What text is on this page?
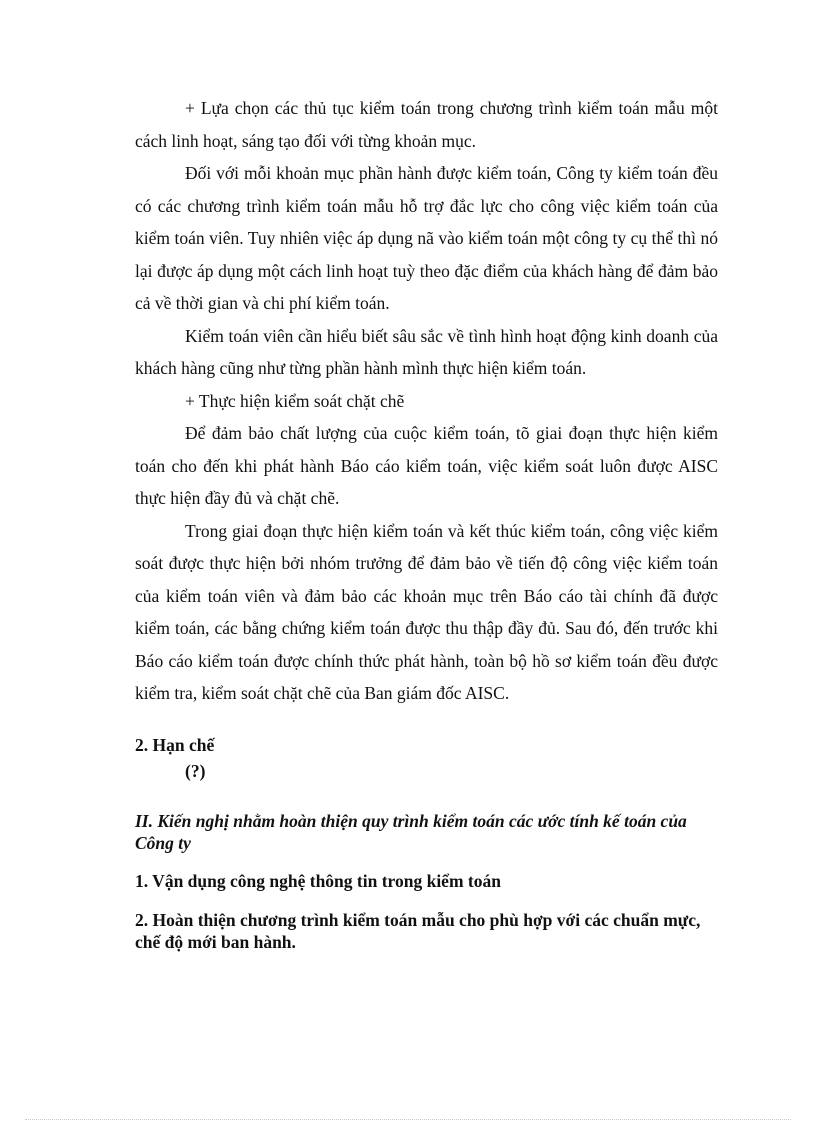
+ Lựa chọn các thủ tục kiểm toán trong chương trình kiểm toán mẫu một cách linh hoạt, sáng tạo đối với từng khoản mục.

Đối với mỗi khoản mục phần hành được kiểm toán, Công ty kiểm toán đều có các chương trình kiểm toán mẫu hỗ trợ đắc lực cho công việc kiểm toán của kiểm toán viên. Tuy nhiên việc áp dụng nã vào kiểm toán một công ty cụ thể thì nó lại được áp dụng một cách linh hoạt tuỳ theo đặc điểm của khách hàng để đảm bảo cả về thời gian và chi phí kiểm toán.

Kiểm toán viên cần hiểu biết sâu sắc về tình hình hoạt động kinh doanh của khách hàng cũng như từng phần hành mình thực hiện kiểm toán.

+ Thực hiện kiểm soát chặt chẽ

Để đảm bảo chất lượng của cuộc kiểm toán, tõ giai đoạn thực hiện kiểm toán cho đến khi phát hành Báo cáo kiểm toán, việc kiểm soát luôn được AISC thực hiện đầy đủ và chặt chẽ.

Trong giai đoạn thực hiện kiểm toán và kết thúc kiểm toán, công việc kiểm soát được thực hiện bởi nhóm trưởng để đảm bảo về tiến độ công việc kiểm toán của kiểm toán viên và đảm bảo các khoản mục trên Báo cáo tài chính đã được kiểm toán, các bằng chứng kiểm toán được thu thập đầy đủ. Sau đó, đến trước khi Báo cáo kiểm toán được chính thức phát hành, toàn bộ hồ sơ kiểm toán đều được kiểm tra, kiểm soát chặt chẽ của Ban giám đốc AISC.

2. Hạn chế

(?)

II. Kiến nghị nhằm hoàn thiện quy trình kiểm toán các ước tính kế toán của Công ty

1. Vận dụng công nghệ thông tin trong kiểm toán

2. Hoàn thiện chương trình kiểm toán mẫu cho phù hợp với các chuẩn mực, chế độ mới ban hành.
